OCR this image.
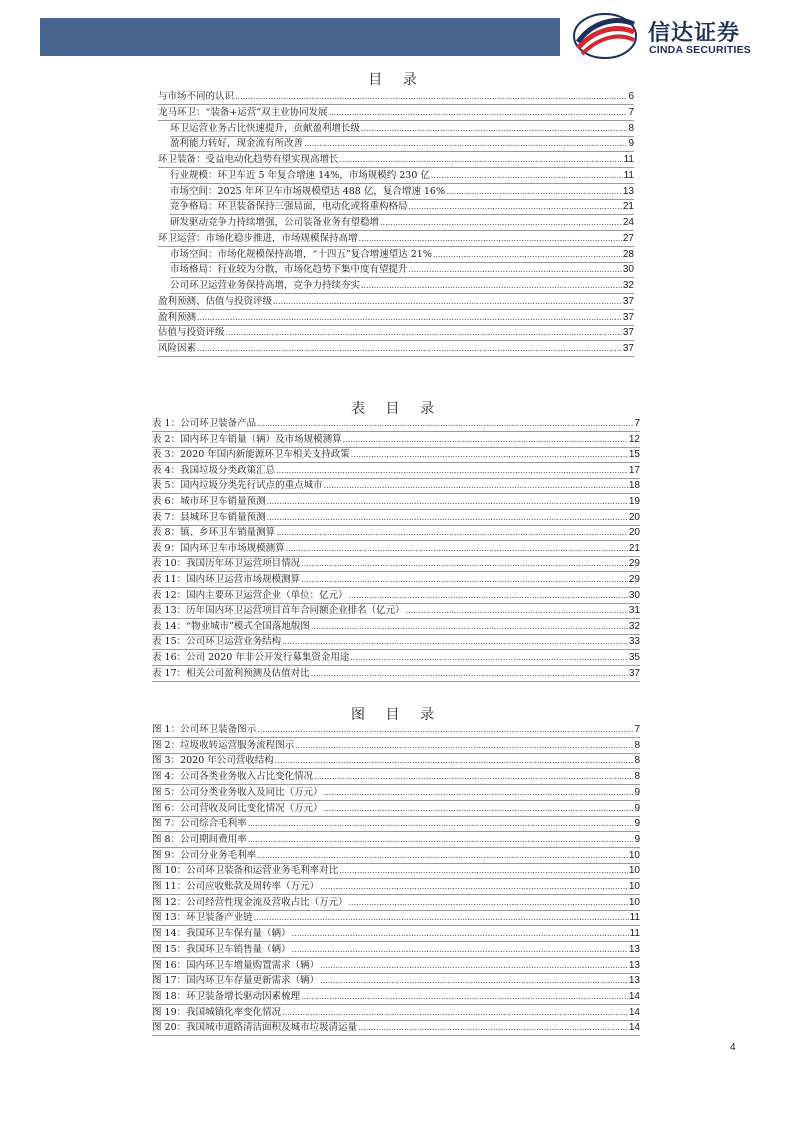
信达证券
CINDA SECURITIES
目 录
表 目 录
图 目 录
与市场不同的认识 .....	6
龙马环卫：“装备+运营”双主业协同发展 .....	7
环卫运营业务占比快速提升，贡献盈利增长级 .....	8
盈利能力转好，现金流有所改善 .....	9
环卫装备：受益电动化趋势有望实现高增长 .....	11
行业规模：环卫车近 5 年复合增速 14%，市场规模约 230 亿 .....	11
市场空间：2025 年环卫车市场规模望达 488 亿，复合增速 16% .....	13
竞争格局：环卫装备保持三强局面，电动化或将重构格局 .....	21
研发驱动竞争力持续增强，公司装备业务有望稳增 .....	24
环卫运营：市场化稳步推进，市场规模保持高增 .....	27
市场空间：市场化规模保持高增，“十四五”复合增速望达 21% .....	28
市场格局：行业较为分散，市场化趋势下集中度有望提升 .....	30
公司环卫运营业务保持高增，竞争力持续夯实 .....	32
盈利预测、估值与投资评级 .....	37
盈利预测 .....	37
估值与投资评级 .....	37
风险因素 .....	37
表 1：公司环卫装备产品 .....	7
表 2：国内环卫车销量（辆）及市场规模测算 .....	12
表 3：2020 年国内新能源环卫车相关支持政策 .....	15
表 4：我国垃圾分类政策汇总 .....	17
表 5：国内垃圾分类先行试点的重点城市 .....	18
表 6：城市环卫车销量预测 .....	19
表 7：县城环卫车销量预测 .....	20
表 8：镇、乡环卫车销量测算 .....	20
表 9：国内环卫车市场规模测算 .....	21
表 10：我国历年环卫运营项目情况 .....	29
表 11：国内环卫运营市场规模测算 .....	29
表 12：国内主要环卫运营企业（单位：亿元） .....	30
表 13：历年国内环卫运营项目首年合同额企业排名（亿元） .....	31
表 14：“物业城市”模式全国落地版图 .....	32
表 15：公司环卫运营业务结构 .....	33
表 16：公司 2020 年非公开发行募集资金用途 .....	35
表 17：相关公司盈利预测及估值对比 .....	37
图 1：公司环卫装备图示 .....	7
图 2：垃圾收转运营服务流程图示 .....	8
图 3：2020 年公司营收结构 .....	8
图 4：公司各类业务收入占比变化情况 .....	8
图 5：公司分类业务收入及同比（万元） .....	9
图 6：公司营收及同比变化情况（万元） .....	9
图 7：公司综合毛利率 .....	9
图 8：公司期间费用率 .....	9
图 9：公司分业务毛利率 .....	10
图 10：公司环卫装备和运营业务毛利率对比 .....	10
图 11：公司应收账款及周转率（万元） .....	10
图 12：公司经营性现金流及营收占比（万元） .....	10
图 13：环卫装备产业链 .....	11
图 14：我国环卫车保有量（辆） .....	11
图 15：我国环卫车销售量（辆） .....	13
图 16：国内环卫车增量购置需求（辆） .....	13
图 17：国内环卫车存量更新需求（辆） .....	13
图 18：环卫装备增长驱动因素梳理 .....	14
图 19：我国城镇化率变化情况 .....	14
图 20：我国城市道路清洁面积及城市垃圾清运量 .....	14
4
